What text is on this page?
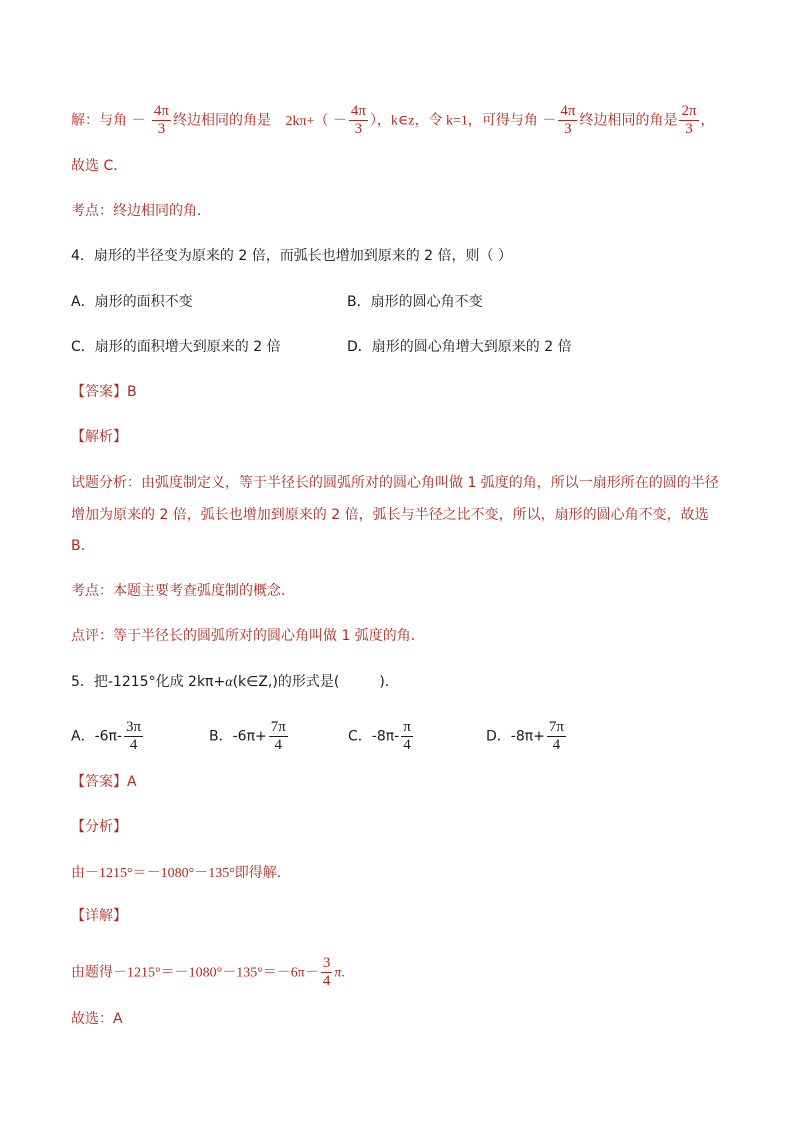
解：与角 － $\frac{4\pi}{3}$ 终边相同的角是 $2k\pi+( - \frac{4\pi}{3}$ ），k∈z，令 k=1，可得与角 － $\frac{4\pi}{3}$ 终边相同的角是 $\frac{2\pi}{3}$ ，
故选 C．
考点：终边相同的角．
4．扇形的半径变为原来的 2 倍，而弧长也增加到原来的 2 倍，则（ ）
A．扇形的面积不变	B．扇形的圆心角不变
C．扇形的面积增大到原来的 2 倍	D．扇形的圆心角增大到原来的 2 倍
【答案】B
【解析】
试题分析：由弧度制定义，等于半径长的圆弧所对的圆心角叫做 1 弧度的角，所以一扇形所在的圆的半径
增加为原来的 2 倍，弧长也增加到原来的 2 倍，弧长与半径之比不变，所以，扇形的圆心角不变，故选
B．
考点：本题主要考查弧度制的概念．
点评：等于半径长的圆弧所对的圆心角叫做 1 弧度的角．
5．把-1215°化成 2kπ+α(k∈Z,)的形式是(	).
A．$-6\pi- \frac{3\pi}{4}$	B．$-6\pi+ \frac{7\pi}{4}$	C．$-8\pi- \frac{\pi}{4}$	D．$-8\pi+ \frac{7\pi}{4}$
【答案】A
【分析】
由－1215°＝－1080°－135°即得解.
【详解】
由题得$-1215^\circ=-1080^\circ-135^\circ=-6\pi- \frac{3}{4} \pi$.
故选：A
